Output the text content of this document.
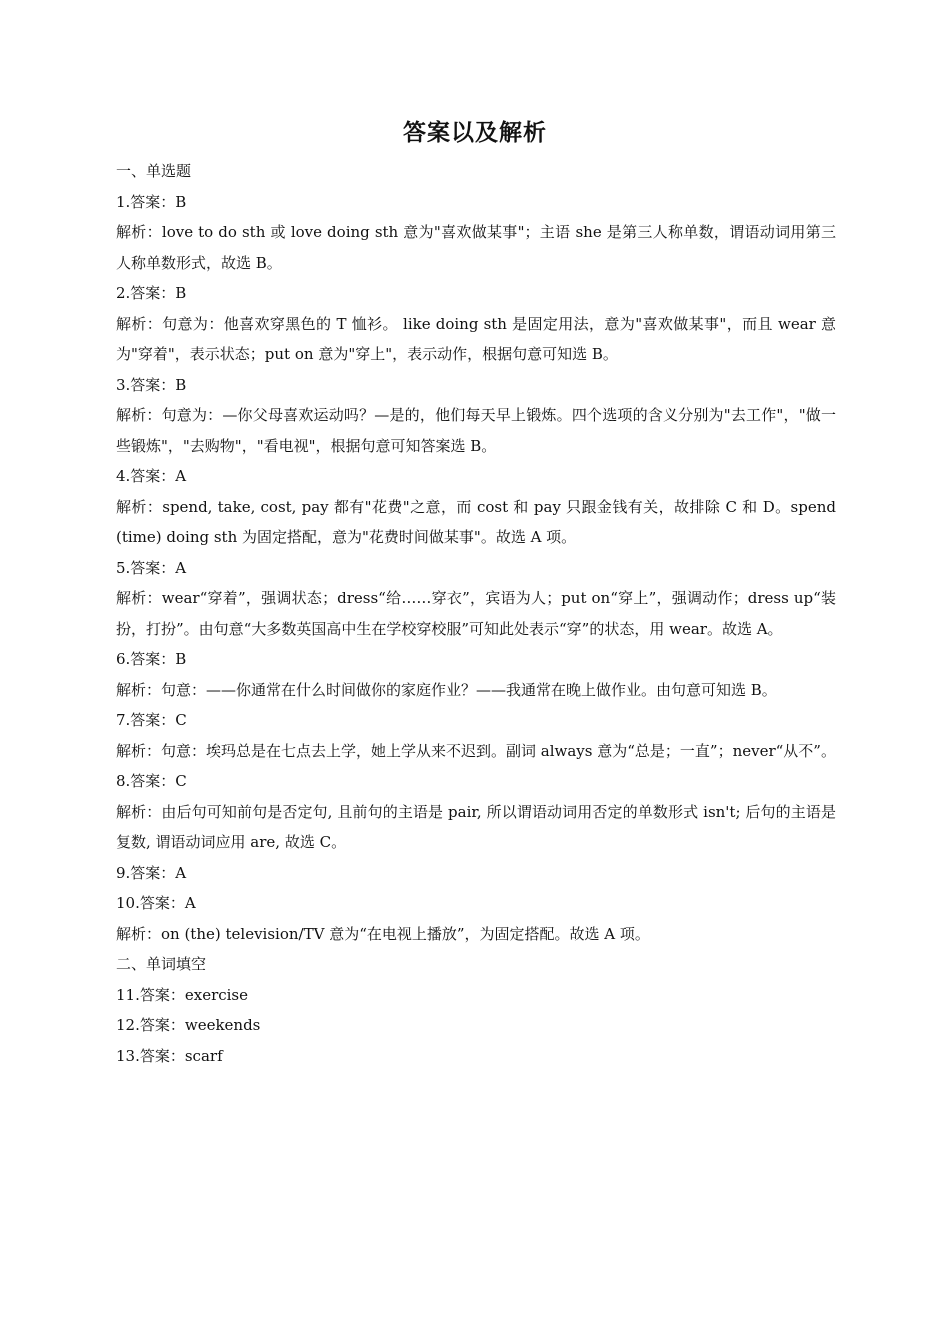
答案以及解析

一、单选题

1.答案：B

解析：love to do sth 或 love doing sth 意为"喜欢做某事"；主语 she 是第三人称单数，谓语动词用第三人称单数形式，故选 B。

2.答案：B

解析：句意为：他喜欢穿黑色的 T 恤衫。 like doing sth 是固定用法，意为"喜欢做某事"，而且 wear 意为"穿着"，表示状态；put on 意为"穿上"，表示动作，根据句意可知选 B。

3.答案：B

解析：句意为：—你父母喜欢运动吗？—是的，他们每天早上锻炼。四个选项的含义分别为"去工作"，"做一些锻炼"，"去购物"，"看电视"，根据句意可知答案选 B。

4.答案：A

解析：spend, take, cost, pay 都有"花费"之意，而 cost 和 pay 只跟金钱有关，故排除 C 和 D。spend (time) doing sth 为固定搭配，意为"花费时间做某事"。故选 A 项。

5.答案：A

解析：wear“穿着”，强调状态；dress“给……穿衣”，宾语为人；put on“穿上”，强调动作；dress up“装扮，打扮”。由句意“大多数英国高中生在学校穿校服”可知此处表示“穿”的状态，用 wear。故选 A。

6.答案：B

解析：句意：——你通常在什么时间做你的家庭作业？——我通常在晚上做作业。由句意可知选 B。

7.答案：C

解析：句意：埃玛总是在七点去上学，她上学从来不迟到。副词 always 意为“总是；一直”；never“从不”。

8.答案：C

解析：由后句可知前句是否定句, 且前句的主语是 pair, 所以谓语动词用否定的单数形式 isn't; 后句的主语是复数, 谓语动词应用 are, 故选 C。

9.答案：A

10.答案：A

解析：on (the) television/TV 意为“在电视上播放”，为固定搭配。故选 A 项。

二、单词填空

11.答案：exercise

12.答案：weekends

13.答案：scarf
